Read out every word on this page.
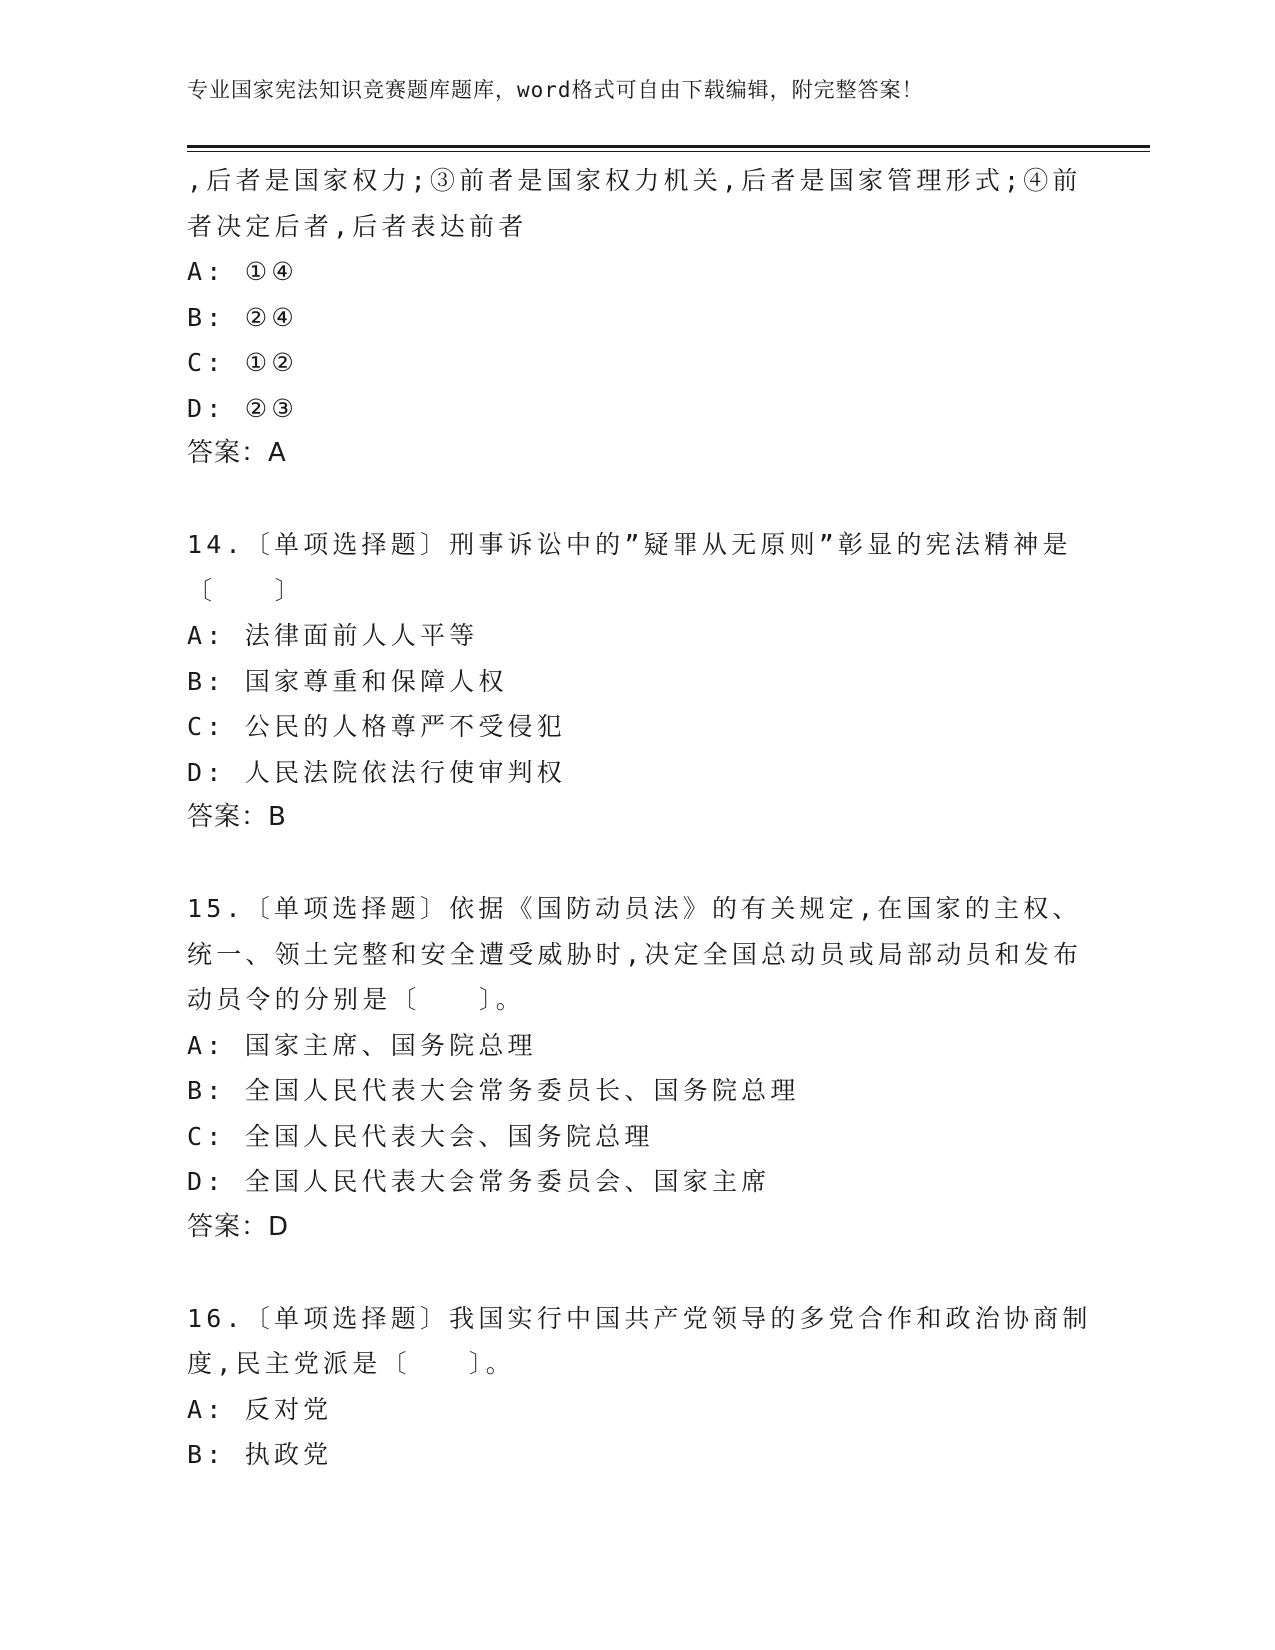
专业国家宪法知识竞赛题库题库，word格式可自由下载编辑，附完整答案！
,后者是国家权力;③前者是国家权力机关,后者是国家管理形式;④前
者决定后者,后者表达前者
A: ①④
B: ②④
C: ①②
D: ②③
答案：A
14.〔单项选择题〕刑事诉讼中的”疑罪从无原则”彰显的宪法精神是
〔　　〕
A: 法律面前人人平等
B: 国家尊重和保障人权
C: 公民的人格尊严不受侵犯
D: 人民法院依法行使审判权
答案：B
15.〔单项选择题〕依据《国防动员法》的有关规定,在国家的主权、
统一、领土完整和安全遭受威胁时,决定全国总动员或局部动员和发布
动员令的分别是〔　　〕。
A: 国家主席、国务院总理
B: 全国人民代表大会常务委员长、国务院总理
C: 全国人民代表大会、国务院总理
D: 全国人民代表大会常务委员会、国家主席
答案：D
16.〔单项选择题〕我国实行中国共产党领导的多党合作和政治协商制
度,民主党派是〔　　〕。
A: 反对党
B: 执政党
